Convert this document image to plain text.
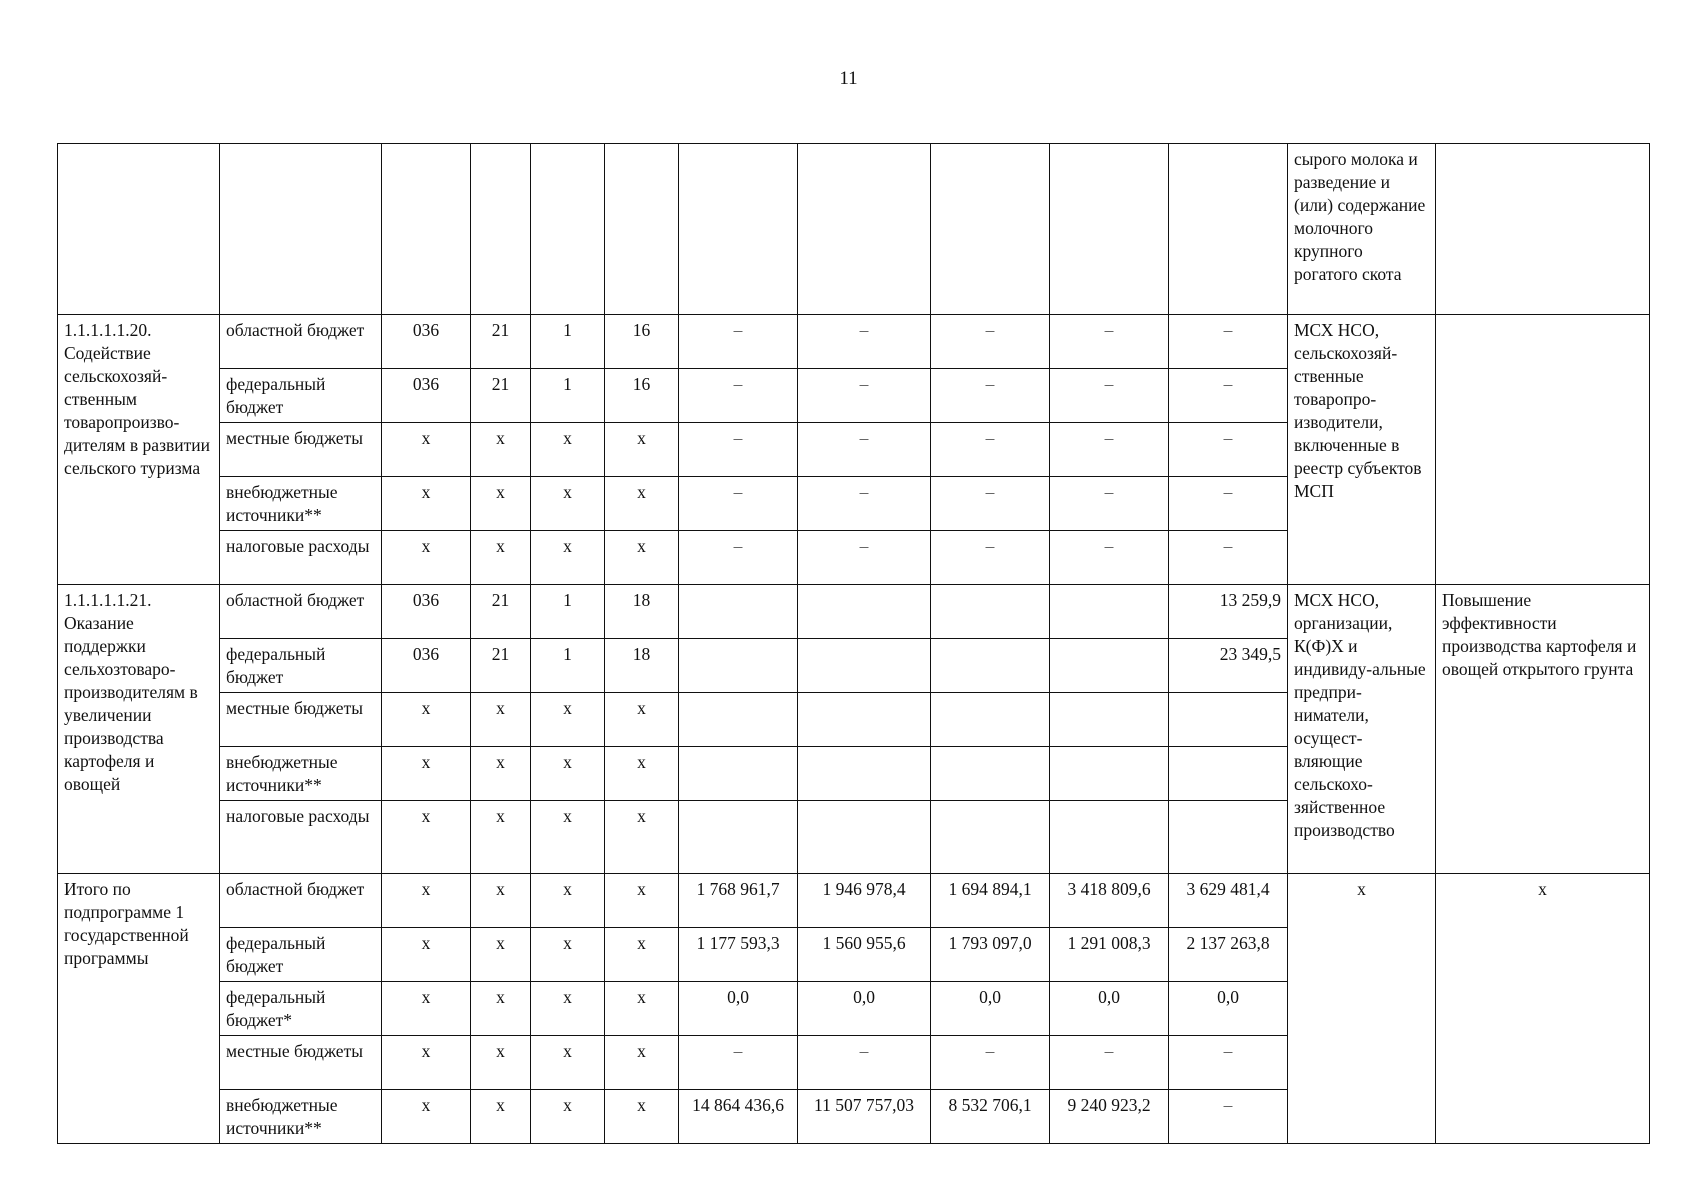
11
											сырого молока и разведение и (или) содержание молочного крупного рогатого скота	
1.1.1.1.1.20. Содействие сельскохозяй-ственным товаропроизво-дителям в развитии сельского туризма	областной бюджет	036	21	1	16	–	–	–	–	–	МСХ НСО, сельскохозяй-ственные товаропро-изводители, включенные в реестр субъектов МСП	
	федеральный бюджет	036	21	1	16	–	–	–	–	–		
	местные бюджеты	х	х	х	х	–	–	–	–	–		
	внебюджетные источники**	х	х	х	х	–	–	–	–	–		
	налоговые расходы	х	х	х	х	–	–	–	–	–		
1.1.1.1.1.21. Оказание поддержки сельхозтоваро-производителям в увеличении производства картофеля и овощей	областной бюджет	036	21	1	18					13 259,9	МСХ НСО, организации, К(Ф)Х и индивиду-альные предпри-ниматели, осущест-вляющие сельскохо-зяйственное производство	Повышение эффективности производства картофеля и овощей открытого грунта
	федеральный бюджет	036	21	1	18					23 349,5		
	местные бюджеты	х	х	х	х							
	внебюджетные источники**	х	х	х	х							
	налоговые расходы	х	х	х	х							
Итого по подпрограмме 1 государственной программы	областной бюджет	х	х	х	х	1 768 961,7	1 946 978,4	1 694 894,1	3 418 809,6	3 629 481,4	х	х
	федеральный бюджет	х	х	х	х	1 177 593,3	1 560 955,6	1 793 097,0	1 291 008,3	2 137 263,8		
	федеральный бюджет*	х	х	х	х	0,0	0,0	0,0	0,0	0,0		
	местные бюджеты	х	х	х	х	–	–	–	–	–		
	внебюджетные источники**	х	х	х	х	14 864 436,6	11 507 757,03	8 532 706,1	9 240 923,2	–		
